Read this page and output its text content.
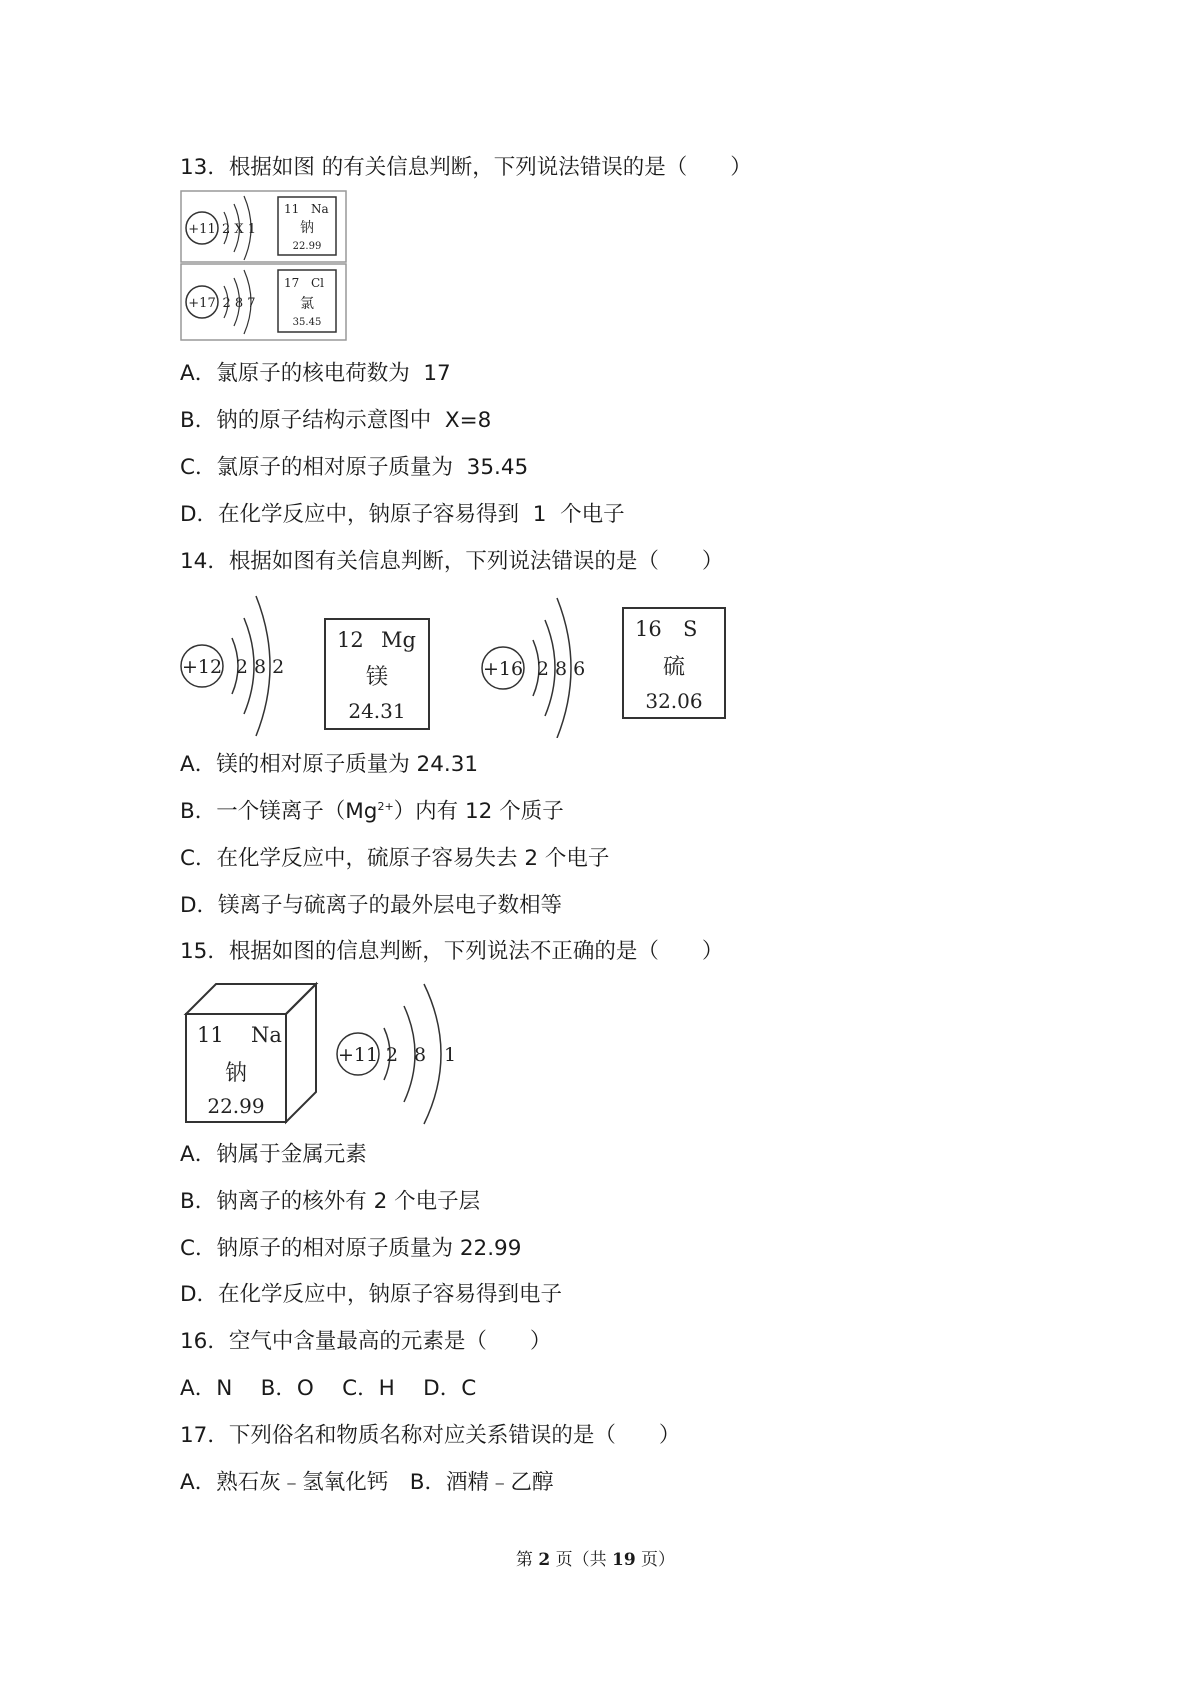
13．根据如图 的有关信息判断，下列说法错误的是（　　）
+11 2 X 1
11 Na
钠
22.99
+17 2 8 7
17 Cl
氯
35.45
A．氯原子的核电荷数为  17
B．钠的原子结构示意图中  X=8
C．氯原子的相对原子质量为  35.45
D．在化学反应中，钠原子容易得到  1  个电子
14．根据如图有关信息判断，下列说法错误的是（　　）
+12 2 8 2
12 Mg
镁
24.31
+16 2 8 6
16 S
硫
32.06
A．镁的相对原子质量为 24.31
B．一个镁离子$(Mg^{2+})$内有 12 个质子
C．在化学反应中，硫原子容易失去 2 个电子
D．镁离子与硫离子的最外层电子数相等
15．根据如图的信息判断，下列说法不正确的是（　　）
11 Na
钠
22.99
+11 2 8 1
A．钠属于金属元素
B．钠离子的核外有 2 个电子层
C．钠原子的相对原子质量为 22.99
D．在化学反应中，钠原子容易得到电子
16．空气中含量最高的元素是（　　）
A．N　 B．O　 C．H　 D．C
17．下列俗名和物质名称对应关系错误的是（　　）
A．熟石灰﹣氢氧化钙　B．酒精﹣乙醇
第 2 页（共 19 页）
